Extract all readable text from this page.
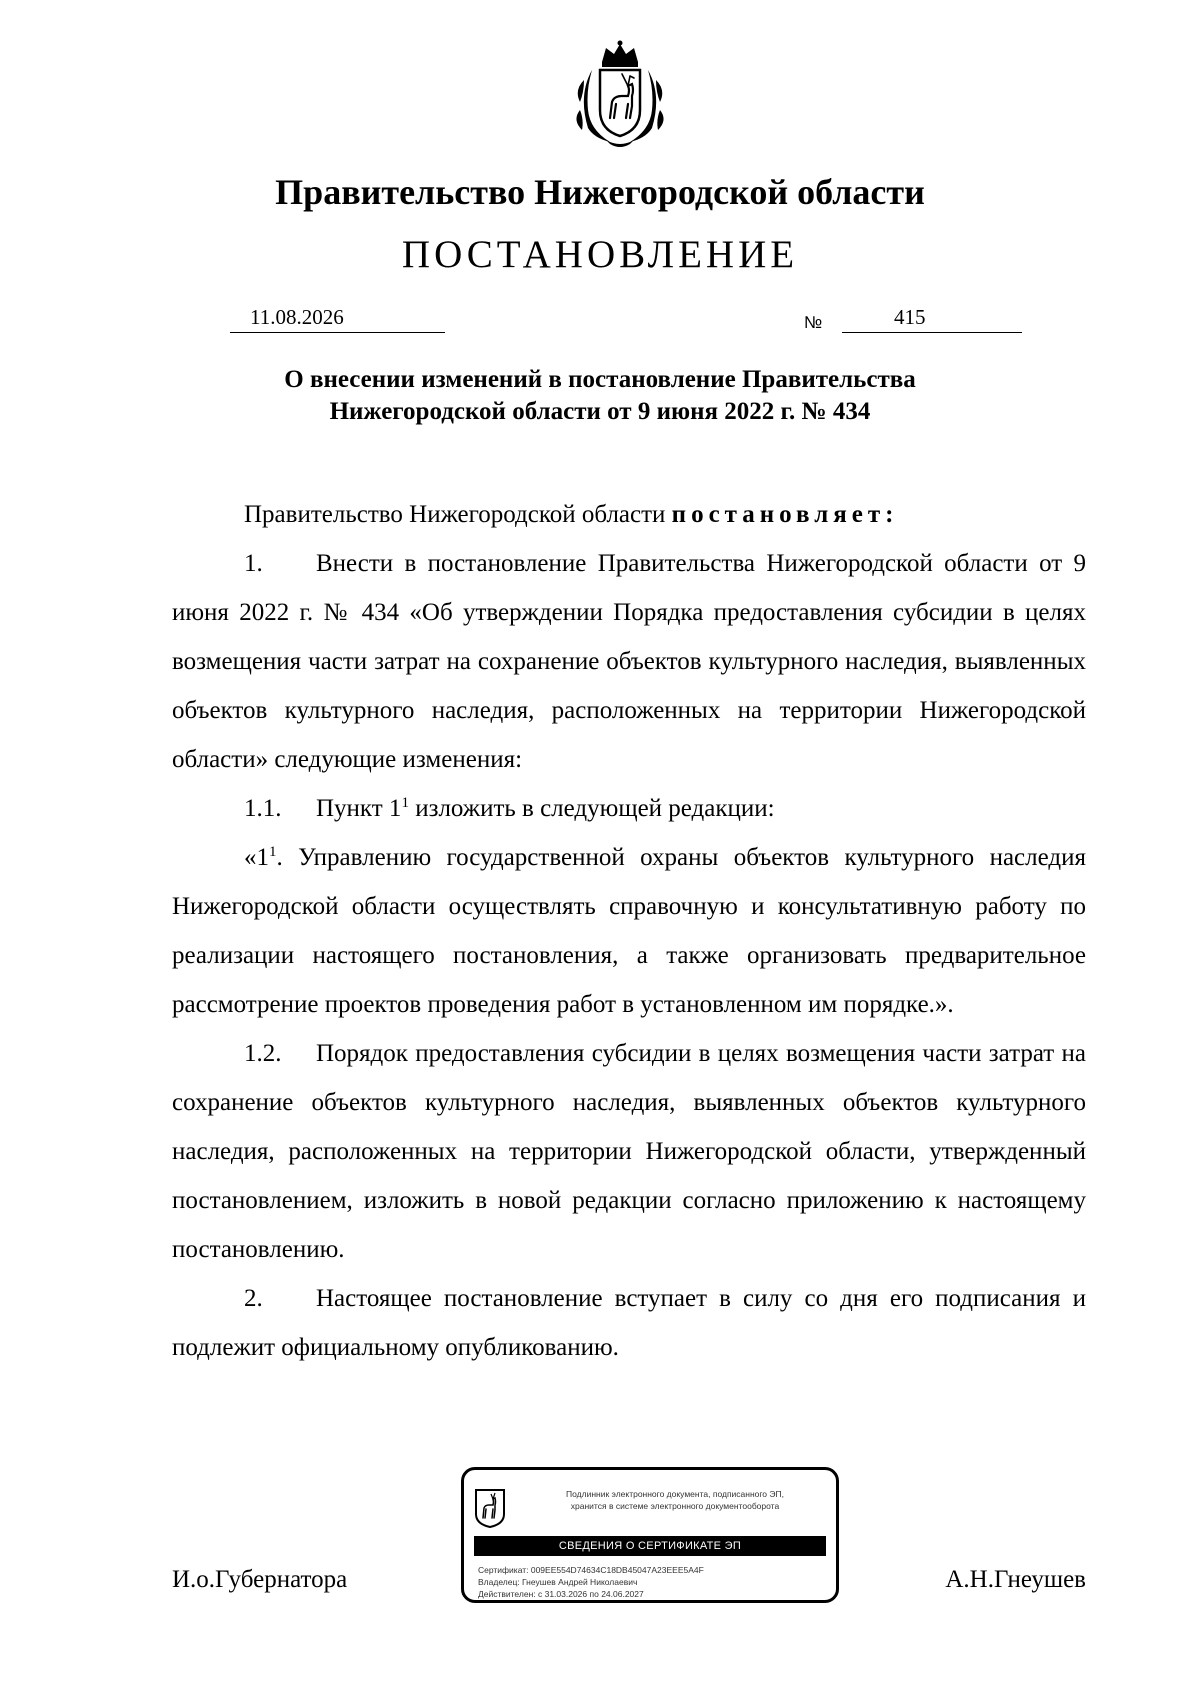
Правительство Нижегородской области
ПОСТАНОВЛЕНИЕ
11.08.2026	№	415
О внесении изменений в постановление Правительства
Нижегородской области от 9 июня 2022 г. № 434

Правительство Нижегородской области постановляет:

1. Внести в постановление Правительства Нижегородской области от 9 июня 2022 г. № 434 «Об утверждении Порядка предоставления субсидии в целях возмещения части затрат на сохранение объектов культурного наследия, выявленных объектов культурного наследия, расположенных на территории Нижегородской области» следующие изменения:

1.1. Пункт $1^1$ изложить в следующей редакции:

«$1^1$. Управлению государственной охраны объектов культурного наследия Нижегородской области осуществлять справочную и консультативную работу по реализации настоящего постановления, а также организовать предварительное рассмотрение проектов проведения работ в установленном им порядке.».

1.2. Порядок предоставления субсидии в целях возмещения части затрат на сохранение объектов культурного наследия, выявленных объектов культурного наследия, расположенных на территории Нижегородской области, утвержденный постановлением, изложить в новой редакции согласно приложению к настоящему постановлению.

2. Настоящее постановление вступает в силу со дня его подписания и подлежит официальному опубликованию.

И.о.Губернатора	А.Н.Гнеушев
Подлинник электронного документа, подписанного ЭП,
хранится в системе электронного документооборота
СВЕДЕНИЯ О СЕРТИФИКАТЕ ЭП
Сертификат: 009EE554D74634C18DB45047A23EEE5A4F
Владелец: Гнеушев Андрей Николаевич
Действителен: с 31.03.2026 по 24.06.2027
